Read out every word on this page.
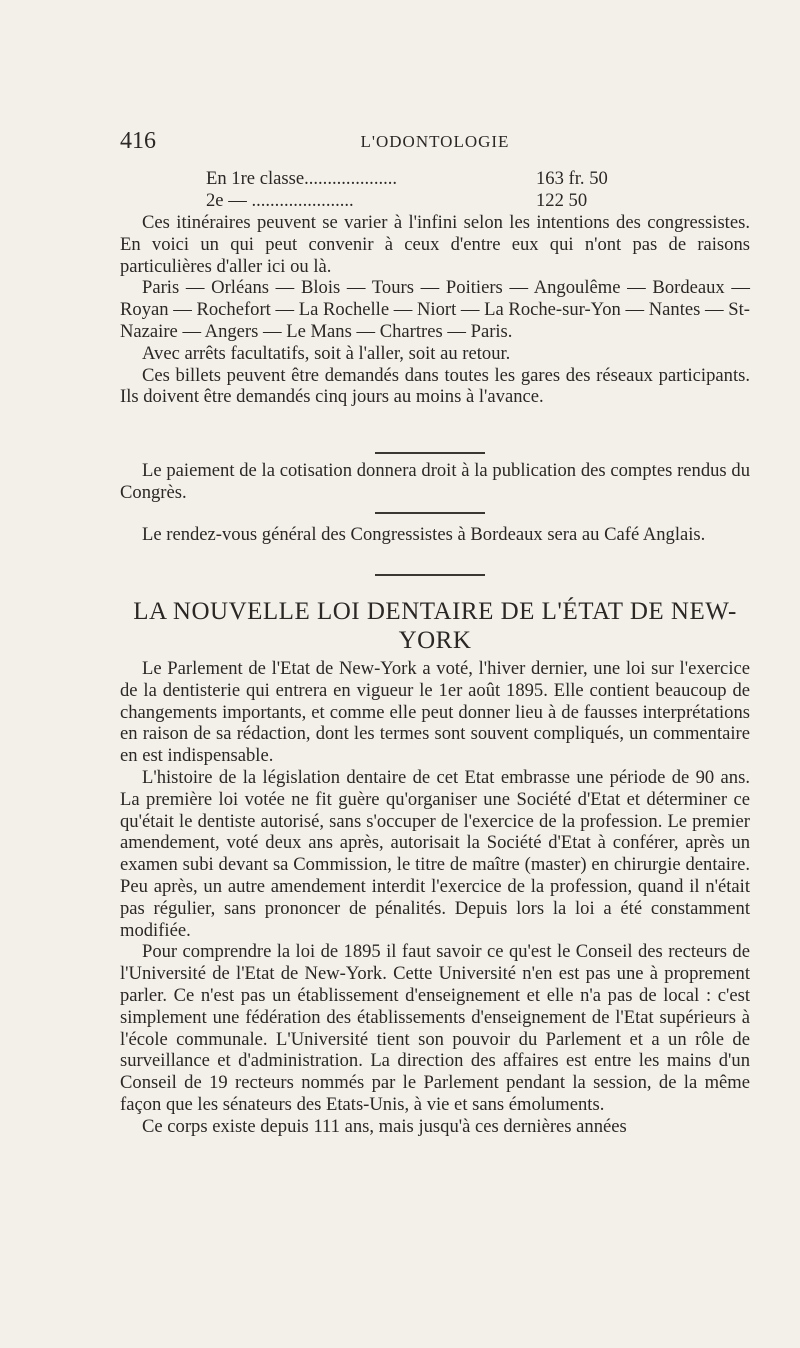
416	L'ODONTOLOGIE
En 1re classe....................	163 fr. 50
2e — ......................	122 50

Ces itinéraires peuvent se varier à l'infini selon les intentions des congressistes. En voici un qui peut convenir à ceux d'entre eux qui n'ont pas de raisons particulières d'aller ici ou là.

Paris — Orléans — Blois — Tours — Poitiers — Angoulême — Bordeaux — Royan — Rochefort — La Rochelle — Niort — La Roche-sur-Yon — Nantes — St-Nazaire — Angers — Le Mans — Chartres — Paris.

Avec arrêts facultatifs, soit à l'aller, soit au retour.

Ces billets peuvent être demandés dans toutes les gares des réseaux participants. Ils doivent être demandés cinq jours au moins à l'avance.

Le paiement de la cotisation donnera droit à la publication des comptes rendus du Congrès.

Le rendez-vous général des Congressistes à Bordeaux sera au Café Anglais.

LA NOUVELLE LOI DENTAIRE DE L'ÉTAT DE NEW-YORK

Le Parlement de l'Etat de New-York a voté, l'hiver dernier, une loi sur l'exercice de la dentisterie qui entrera en vigueur le 1er août 1895. Elle contient beaucoup de changements importants, et comme elle peut donner lieu à de fausses interprétations en raison de sa rédaction, dont les termes sont souvent compliqués, un commentaire en est indispensable.

L'histoire de la législation dentaire de cet Etat embrasse une période de 90 ans. La première loi votée ne fit guère qu'organiser une Société d'Etat et déterminer ce qu'était le dentiste autorisé, sans s'occuper de l'exercice de la profession. Le premier amendement, voté deux ans après, autorisait la Société d'Etat à conférer, après un examen subi devant sa Commission, le titre de maître (master) en chirurgie dentaire. Peu après, un autre amendement interdit l'exercice de la profession, quand il n'était pas régulier, sans prononcer de pénalités. Depuis lors la loi a été constamment modifiée.

Pour comprendre la loi de 1895 il faut savoir ce qu'est le Conseil des recteurs de l'Université de l'Etat de New-York. Cette Université n'en est pas une à proprement parler. Ce n'est pas un établissement d'enseignement et elle n'a pas de local : c'est simplement une fédération des établissements d'enseignement de l'Etat supérieurs à l'école communale. L'Université tient son pouvoir du Parlement et a un rôle de surveillance et d'administration. La direction des affaires est entre les mains d'un Conseil de 19 recteurs nommés par le Parlement pendant la session, de la même façon que les sénateurs des Etats-Unis, à vie et sans émoluments.

Ce corps existe depuis 111 ans, mais jusqu'à ces dernières années
